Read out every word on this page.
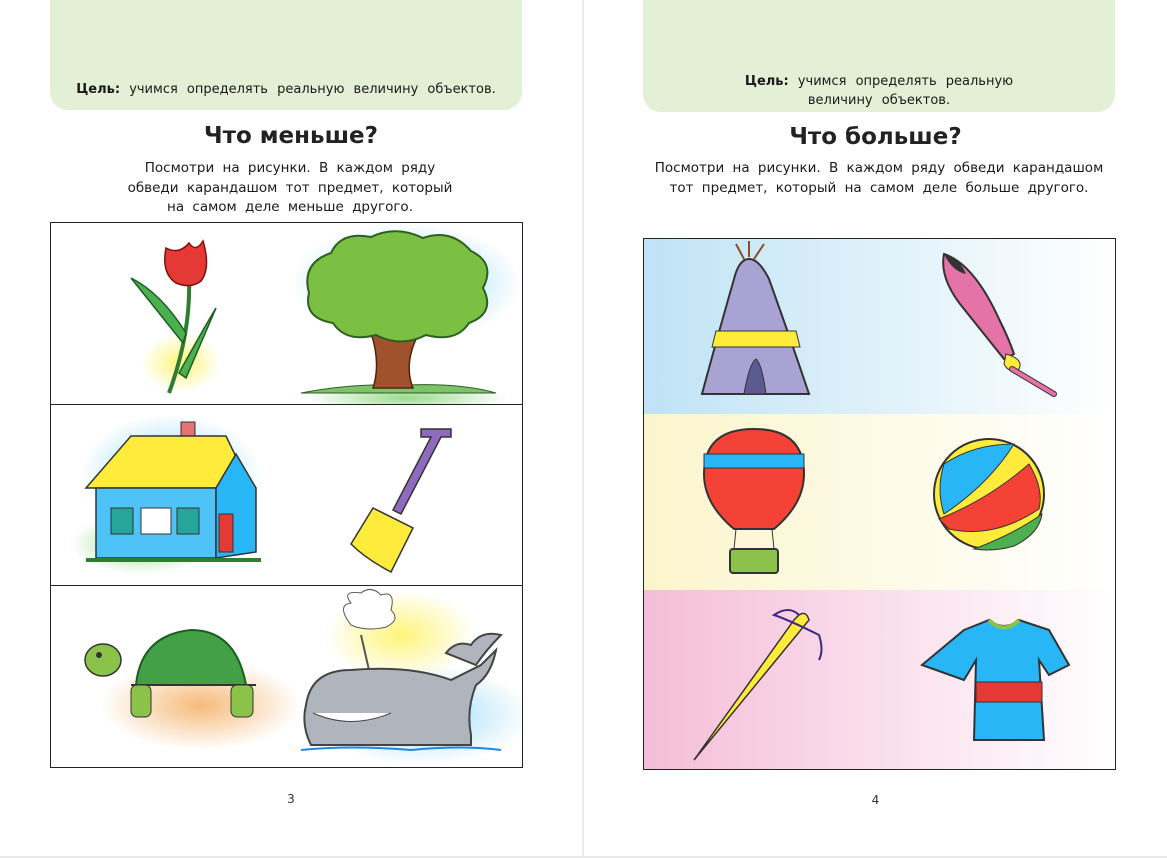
Цель: учимся определять реальную величину объектов.
Что меньше?
Посмотри на рисунки. В каждом ряду
обведи карандашом тот предмет, который
на самом деле меньше другого.
3
Цель: учимся определять реальную
величину объектов.
Что больше?
Посмотри на рисунки. В каждом ряду обведи карандашом
тот предмет, который на самом деле больше другого.
4
